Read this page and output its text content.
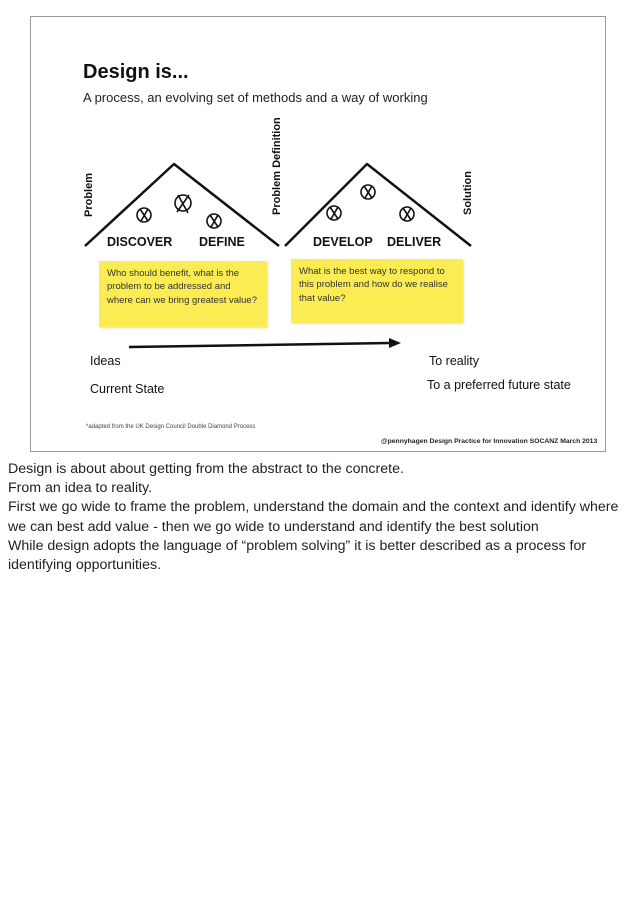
Design is...
A process, an evolving set of methods and a way of working
Problem	Problem Definition	Solution
DISCOVER DEFINE	DEVELOP DELIVER
Who should benefit, what is the problem to be addressed and where can we bring greatest value?
What is the best way to respond to this problem and how do we realise that value?
Ideas
Current State
To reality
To a preferred future state
*adapted from the UK Design Council Double Diamond Process
@pennyhagen Design Practice for Innovation SOCANZ March 2013

Design is about about getting from the abstract to the concrete.

From an idea to reality.

First we go wide to frame the problem, understand the domain and the context and identify where we can best add value - then we go wide to understand and identify the best solution

While design adopts the language of “problem solving” it is better described as a process for identifying opportunities.
